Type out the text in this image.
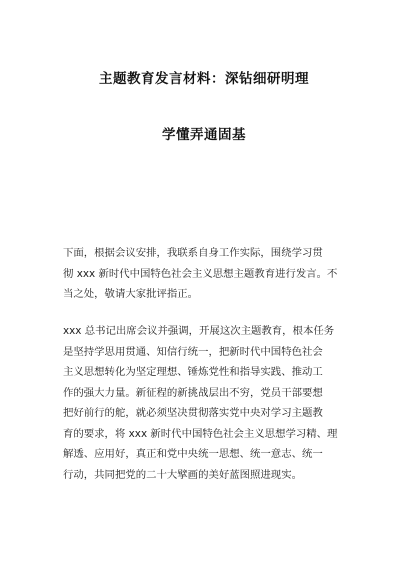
主题教育发言材料：深钻细研明理
学懂弄通固基
下面，根据会议安排，我联系自身工作实际，围绕学习贯
彻 xxx 新时代中国特色社会主义思想主题教育进行发言。不
当之处，敬请大家批评指正。
xxx 总书记出席会议并强调，开展这次主题教育，根本任务
是坚持学思用贯通、知信行统一，把新时代中国特色社会
主义思想转化为坚定理想、锤炼党性和指导实践、推动工
作的强大力量。新征程的新挑战层出不穷，党员干部要想
把好前行的舵，就必须坚决贯彻落实党中央对学习主题教
育的要求，将 xxx 新时代中国特色社会主义思想学习精、理
解透、应用好，真正和党中央统一思想、统一意志、统一
行动，共同把党的二十大擘画的美好蓝图照进现实。
